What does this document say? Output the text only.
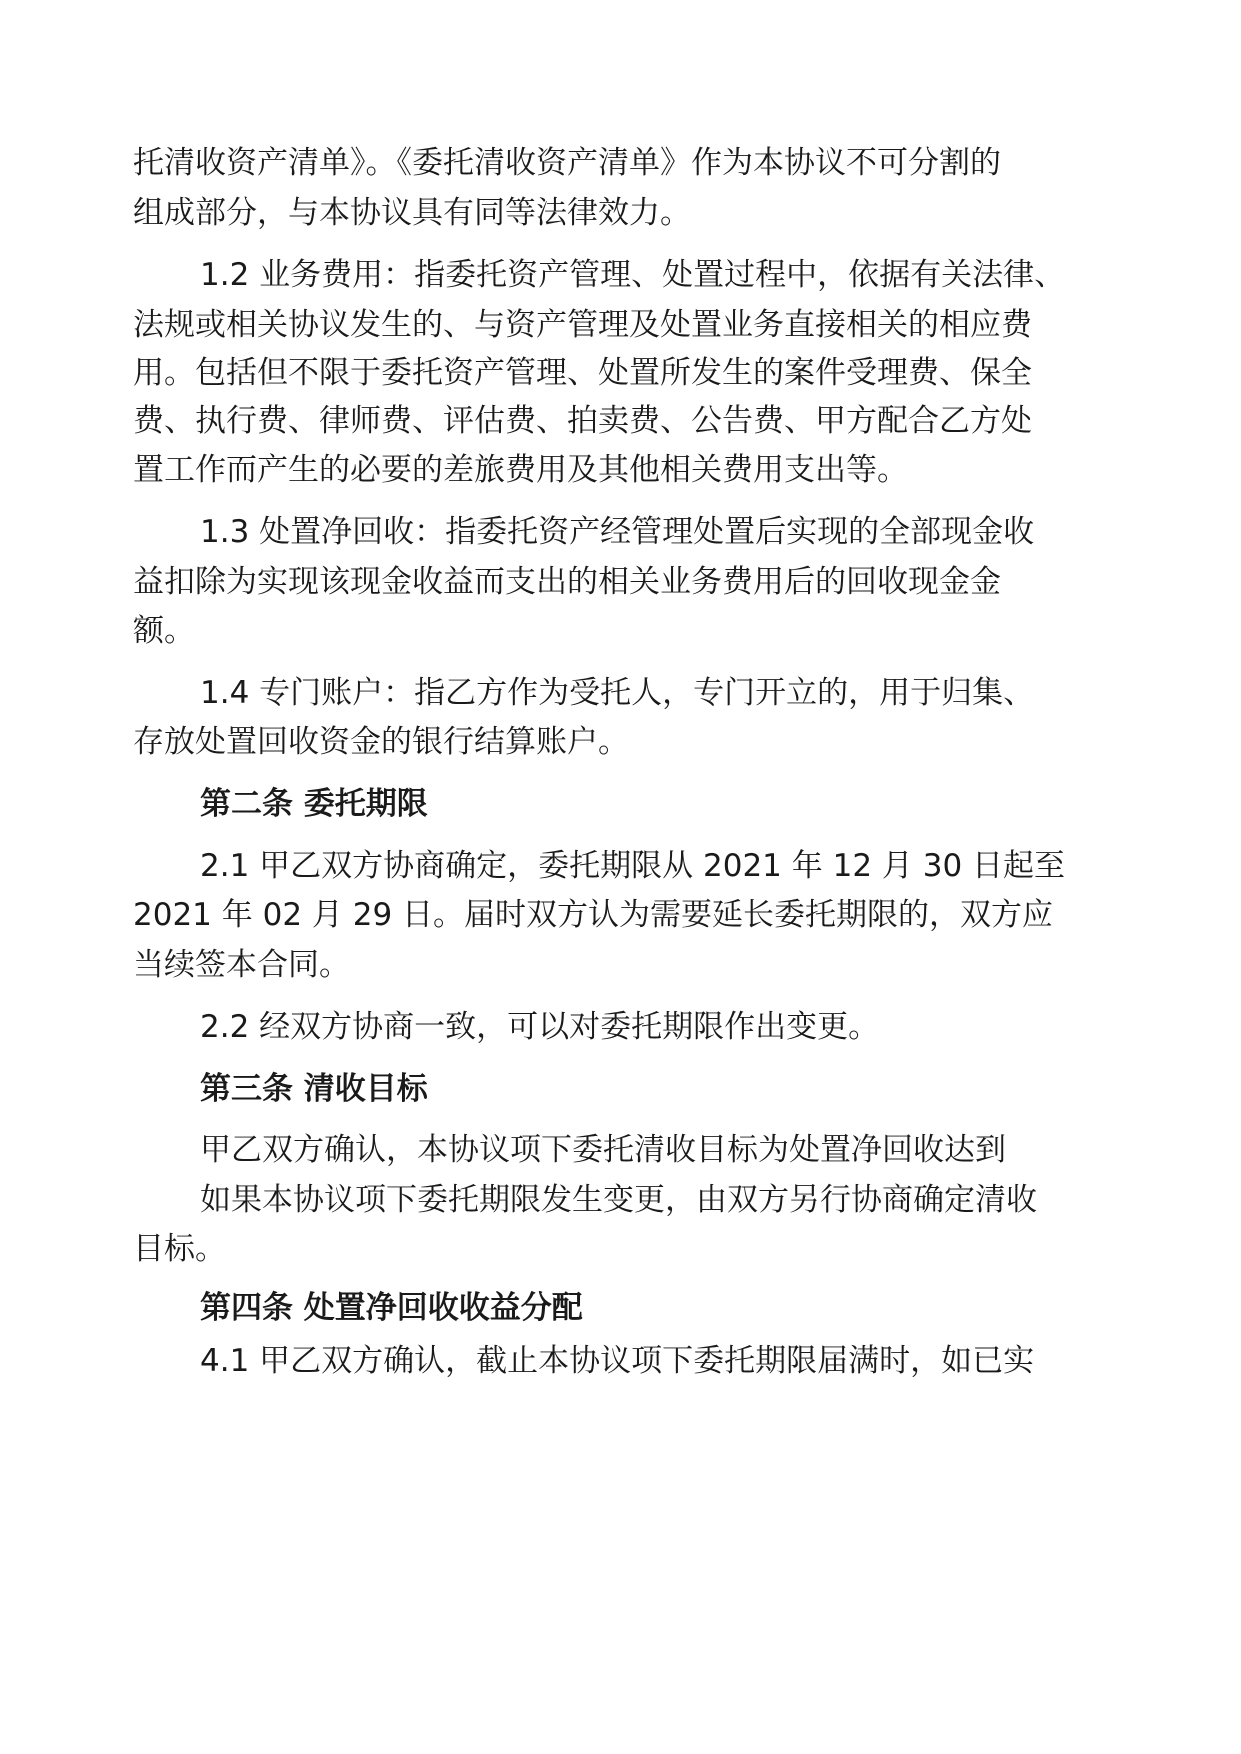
托清收资产清单》。《委托清收资产清单》作为本协议不可分割的
组成部分，与本协议具有同等法律效力。
1.2 业务费用：指委托资产管理、处置过程中，依据有关法律、
法规或相关协议发生的、与资产管理及处置业务直接相关的相应费
用。包括但不限于委托资产管理、处置所发生的案件受理费、保全
费、执行费、律师费、评估费、拍卖费、公告费、甲方配合乙方处
置工作而产生的必要的差旅费用及其他相关费用支出等。
1.3 处置净回收：指委托资产经管理处置后实现的全部现金收
益扣除为实现该现金收益而支出的相关业务费用后的回收现金金
额。
1.4 专门账户：指乙方作为受托人，专门开立的，用于归集、
存放处置回收资金的银行结算账户。
第二条 委托期限
2.1 甲乙双方协商确定，委托期限从 2021 年 12 月 30 日起至
2021 年 02 月 29 日。届时双方认为需要延长委托期限的，双方应
当续签本合同。
2.2 经双方协商一致，可以对委托期限作出变更。
第三条 清收目标
甲乙双方确认，本协议项下委托清收目标为处置净回收达到
如果本协议项下委托期限发生变更，由双方另行协商确定清收
目标。
第四条 处置净回收收益分配
4.1 甲乙双方确认，截止本协议项下委托期限届满时，如已实
